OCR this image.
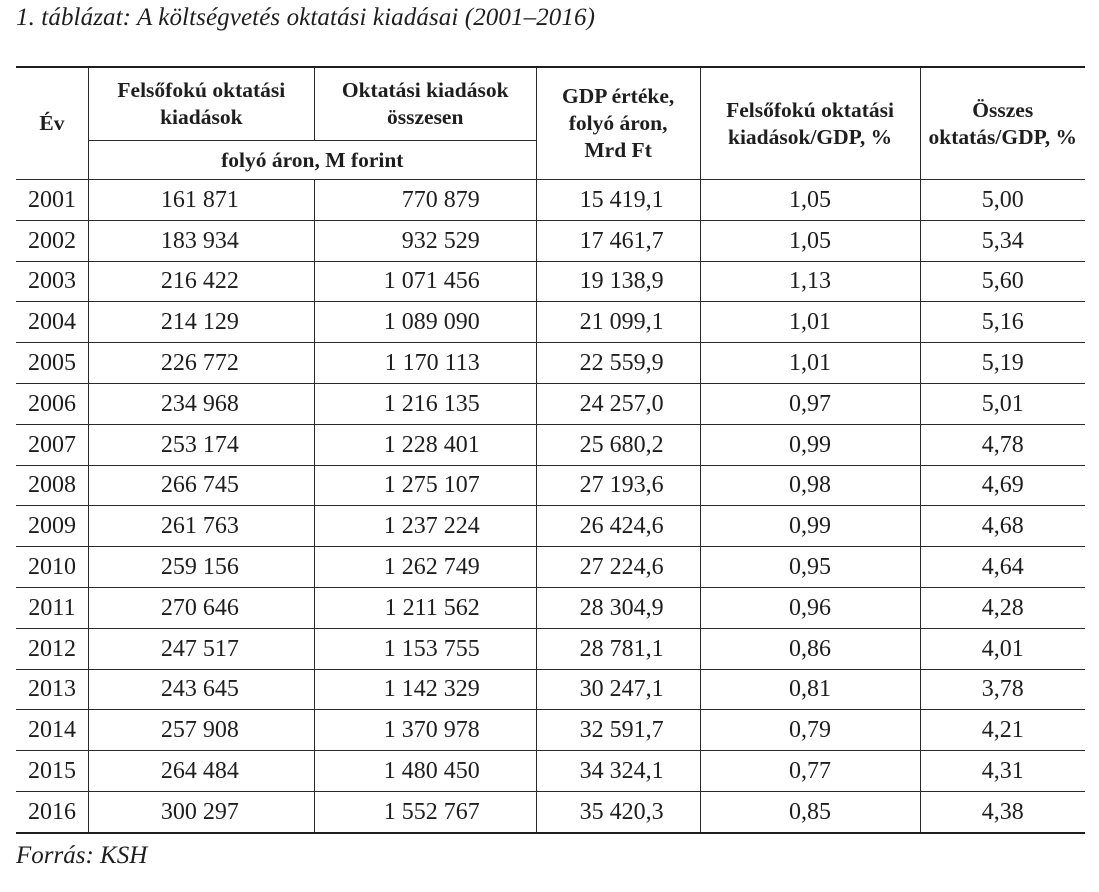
1. táblázat: A költségvetés oktatási kiadásai (2001–2016)
Év	Felsőfokú oktatási kiadások	Oktatási kiadások összesen	GDP értéke, folyó áron, Mrd Ft	Felsőfokú oktatási kiadások/GDP, %	Összes oktatás/GDP, %
	folyó áron, M forint				
2001	161 871	770 879	15 419,1	1,05	5,00
2002	183 934	932 529	17 461,7	1,05	5,34
2003	216 422	1 071 456	19 138,9	1,13	5,60
2004	214 129	1 089 090	21 099,1	1,01	5,16
2005	226 772	1 170 113	22 559,9	1,01	5,19
2006	234 968	1 216 135	24 257,0	0,97	5,01
2007	253 174	1 228 401	25 680,2	0,99	4,78
2008	266 745	1 275 107	27 193,6	0,98	4,69
2009	261 763	1 237 224	26 424,6	0,99	4,68
2010	259 156	1 262 749	27 224,6	0,95	4,64
2011	270 646	1 211 562	28 304,9	0,96	4,28
2012	247 517	1 153 755	28 781,1	0,86	4,01
2013	243 645	1 142 329	30 247,1	0,81	3,78
2014	257 908	1 370 978	32 591,7	0,79	4,21
2015	264 484	1 480 450	34 324,1	0,77	4,31
2016	300 297	1 552 767	35 420,3	0,85	4,38
Forrás: KSH
